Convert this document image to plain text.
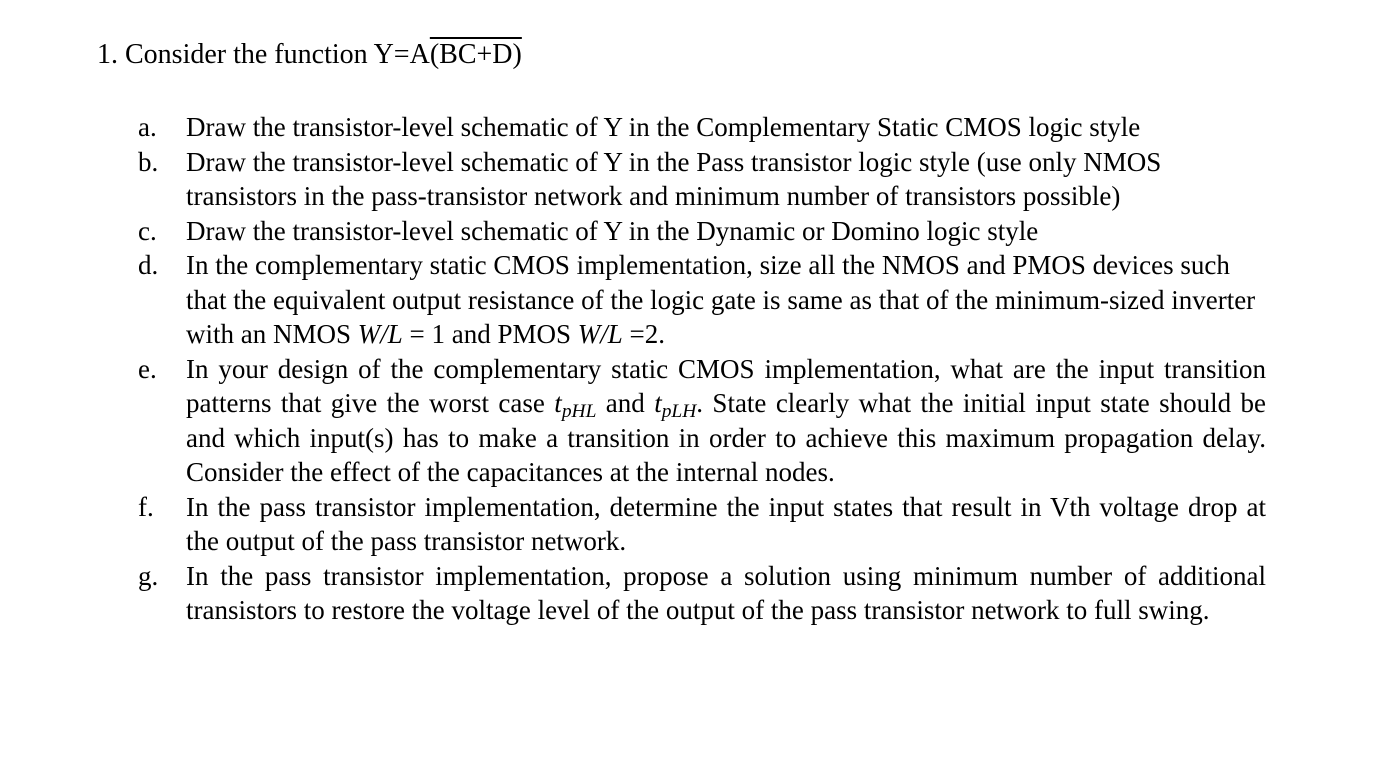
1. Consider the function Y=A(BC+D)
a.	Draw the transistor-level schematic of Y in the Complementary Static CMOS logic style
b.	Draw the transistor-level schematic of Y in the Pass transistor logic style (use only NMOS transistors in the pass-transistor network and minimum number of transistors possible)
c.	Draw the transistor-level schematic of Y in the Dynamic or Domino logic style
d.	In the complementary static CMOS implementation, size all the NMOS and PMOS devices such that the equivalent output resistance of the logic gate is same as that of the minimum-sized inverter with an NMOS W/L = 1 and PMOS W/L =2.
e.	In your design of the complementary static CMOS implementation, what are the input transition patterns that give the worst case $t_{pHL}$ and $t_{pLH}$. State clearly what the initial input state should be and which input(s) has to make a transition in order to achieve this maximum propagation delay. Consider the effect of the capacitances at the internal nodes.
f.	In the pass transistor implementation, determine the input states that result in Vth voltage drop at the output of the pass transistor network.
g.	In the pass transistor implementation, propose a solution using minimum number of additional transistors to restore the voltage level of the output of the pass transistor network to full swing.
